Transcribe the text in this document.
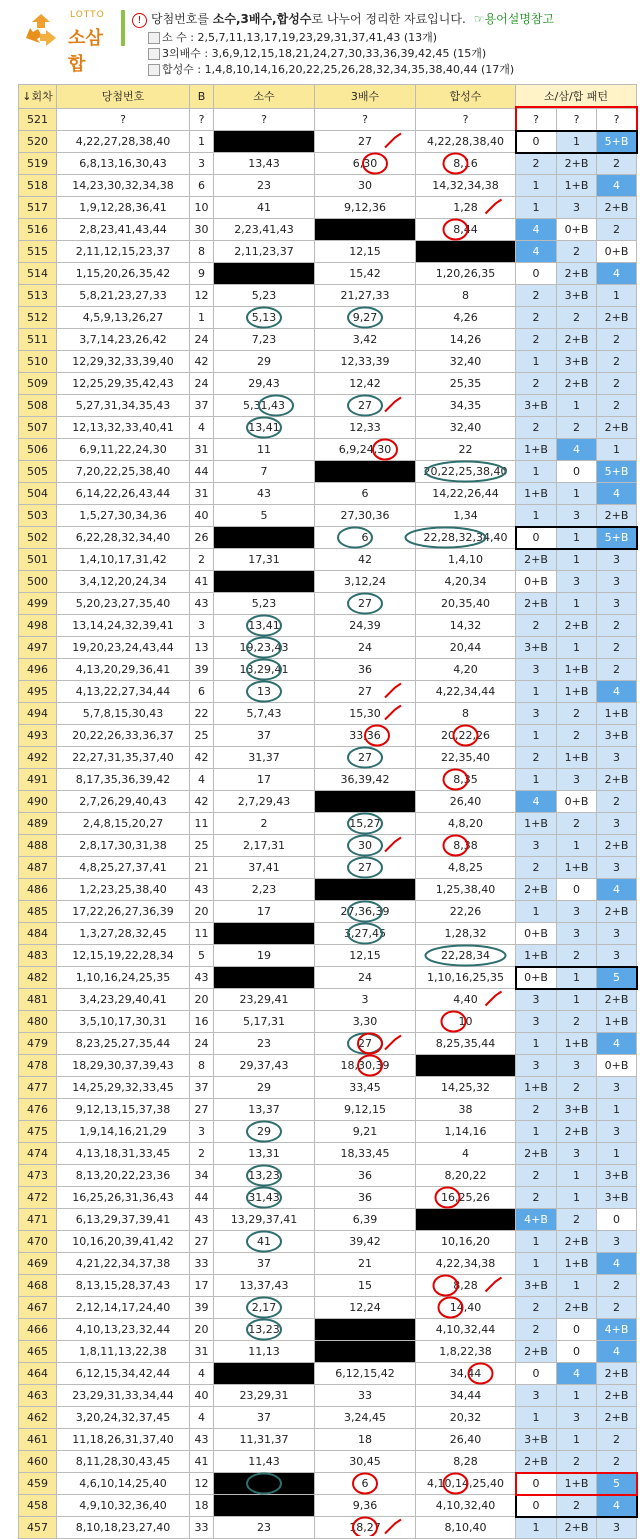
LOTTO
소삼합
! 당첨번호를 소수,3배수,합성수로 나누어 정리한 자료입니다. ☞용어설명참고
소 수 : 2,5,7,11,13,17,19,23,29,31,37,41,43 (13개)
3의배수 : 3,6,9,12,15,18,21,24,27,30,33,36,39,42,45 (15개)
합성수 : 1,4,8,10,14,16,20,22,25,26,28,32,34,35,38,40,44 (17개)
↓회차	당첨번호	B	소수	3배수	합성수	소/삼/합 패턴		
521	?	?	?	?	?	?	?	?
520	4,22,27,28,38,40	1		27	4,22,28,38,40	0	1	5+B
519	6,8,13,16,30,43	3	13,43	6,30	8,16	2	2+B	2
518	14,23,30,32,34,38	6	23	30	14,32,34,38	1	1+B	4
517	1,9,12,28,36,41	10	41	9,12,36	1,28	1	3	2+B
516	2,8,23,41,43,44	30	2,23,41,43		8,44	4	0+B	2
515	2,11,12,15,23,37	8	2,11,23,37	12,15		4	2	0+B
514	1,15,20,26,35,42	9		15,42	1,20,26,35	0	2+B	4
513	5,8,21,23,27,33	12	5,23	21,27,33	8	2	3+B	1
512	4,5,9,13,26,27	1	5,13	9,27	4,26	2	2	2+B
511	3,7,14,23,26,42	24	7,23	3,42	14,26	2	2+B	2
510	12,29,32,33,39,40	42	29	12,33,39	32,40	1	3+B	2
509	12,25,29,35,42,43	24	29,43	12,42	25,35	2	2+B	2
508	5,27,31,34,35,43	37	5,31,43	27	34,35	3+B	1	2
507	12,13,32,33,40,41	4	13,41	12,33	32,40	2	2	2+B
506	6,9,11,22,24,30	31	11	6,9,24,30	22	1+B	4	1
505	7,20,22,25,38,40	44	7		20,22,25,38,40	1	0	5+B
504	6,14,22,26,43,44	31	43	6	14,22,26,44	1+B	1	4
503	1,5,27,30,34,36	40	5	27,30,36	1,34	1	3	2+B
502	6,22,28,32,34,40	26		6	22,28,32,34,40	0	1	5+B
501	1,4,10,17,31,42	2	17,31	42	1,4,10	2+B	1	3
500	3,4,12,20,24,34	41		3,12,24	4,20,34	0+B	3	3
499	5,20,23,27,35,40	43	5,23	27	20,35,40	2+B	1	3
498	13,14,24,32,39,41	3	13,41	24,39	14,32	2	2+B	2
497	19,20,23,24,43,44	13	19,23,43	24	20,44	3+B	1	2
496	4,13,20,29,36,41	39	13,29,41	36	4,20	3	1+B	2
495	4,13,22,27,34,44	6	13	27	4,22,34,44	1	1+B	4
494	5,7,8,15,30,43	22	5,7,43	15,30	8	3	2	1+B
493	20,22,26,33,36,37	25	37	33,36	20,22,26	1	2	3+B
492	22,27,31,35,37,40	42	31,37	27	22,35,40	2	1+B	3
491	8,17,35,36,39,42	4	17	36,39,42	8,35	1	3	2+B
490	2,7,26,29,40,43	42	2,7,29,43		26,40	4	0+B	2
489	2,4,8,15,20,27	11	2	15,27	4,8,20	1+B	2	3
488	2,8,17,30,31,38	25	2,17,31	30	8,38	3	1	2+B
487	4,8,25,27,37,41	21	37,41	27	4,8,25	2	1+B	3
486	1,2,23,25,38,40	43	2,23		1,25,38,40	2+B	0	4
485	17,22,26,27,36,39	20	17	27,36,39	22,26	1	3	2+B
484	1,3,27,28,32,45	11		3,27,45	1,28,32	0+B	3	3
483	12,15,19,22,28,34	5	19	12,15	22,28,34	1+B	2	3
482	1,10,16,24,25,35	43		24	1,10,16,25,35	0+B	1	5
481	3,4,23,29,40,41	20	23,29,41	3	4,40	3	1	2+B
480	3,5,10,17,30,31	16	5,17,31	3,30	10	3	2	1+B
479	8,23,25,27,35,44	24	23	27	8,25,35,44	1	1+B	4
478	18,29,30,37,39,43	8	29,37,43	18,30,39		3	3	0+B
477	14,25,29,32,33,45	37	29	33,45	14,25,32	1+B	2	3
476	9,12,13,15,37,38	27	13,37	9,12,15	38	2	3+B	1
475	1,9,14,16,21,29	3	29	9,21	1,14,16	1	2+B	3
474	4,13,18,31,33,45	2	13,31	18,33,45	4	2+B	3	1
473	8,13,20,22,23,36	34	13,23	36	8,20,22	2	1	3+B
472	16,25,26,31,36,43	44	31,43	36	16,25,26	2	1	3+B
471	6,13,29,37,39,41	43	13,29,37,41	6,39		4+B	2	0
470	10,16,20,39,41,42	27	41	39,42	10,16,20	1	2+B	3
469	4,21,22,34,37,38	33	37	21	4,22,34,38	1	1+B	4
468	8,13,15,28,37,43	17	13,37,43	15	8,28	3+B	1	2
467	2,12,14,17,24,40	39	2,17	12,24	14,40	2	2+B	2
466	4,10,13,23,32,44	20	13,23		4,10,32,44	2	0	4+B
465	1,8,11,13,22,38	31	11,13		1,8,22,38	2+B	0	4
464	6,12,15,34,42,44	4		6,12,15,42	34,44	0	4	2+B
463	23,29,31,33,34,44	40	23,29,31	33	34,44	3	1	2+B
462	3,20,24,32,37,45	4	37	3,24,45	20,32	1	3	2+B
461	11,18,26,31,37,40	43	11,31,37	18	26,40	3+B	1	2
460	8,11,28,30,43,45	41	11,43	30,45	8,28	2+B	2	2
459	4,6,10,14,25,40	12		6	4,10,14,25,40	0	1+B	5
458	4,9,10,32,36,40	18		9,36	4,10,32,40	0	2	4
457	8,10,18,23,27,40	33	23	18,27	8,10,40	1	2+B	3
